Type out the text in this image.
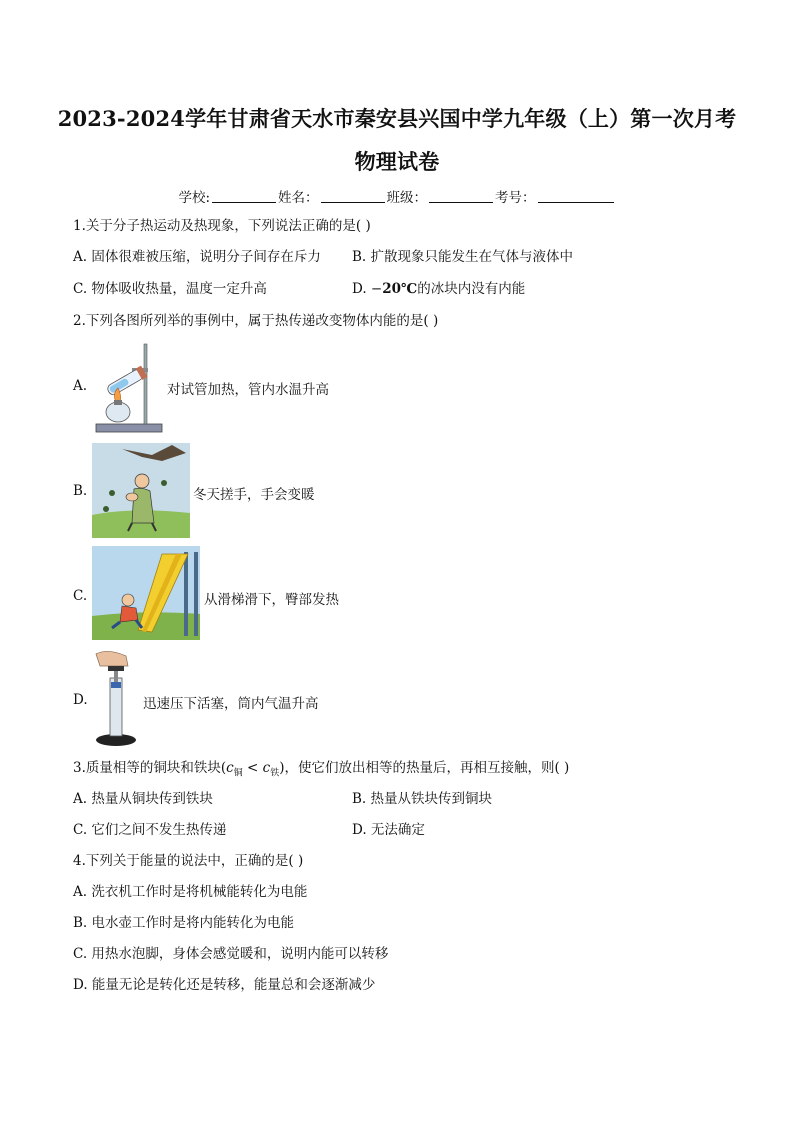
2023-2024学年甘肃省天水市秦安县兴国中学九年级（上）第一次月考
物理试卷
学校:	姓名：	班级：	考号：
1.关于分子热运动及热现象，下列说法正确的是( )
A. 固体很难被压缩，说明分子间存在斥力 B. 扩散现象只能发生在气体与液体中
C. 物体吸收热量，温度一定升高	D. −20℃的冰块内没有内能
2.下列各图所列举的事例中，属于热传递改变物体内能的是( )
A.	对试管加热，管内水温升高
B.	冬天搓手，手会变暖
C.	从滑梯滑下，臀部发热
D.	迅速压下活塞，筒内气温升高
3.质量相等的铜块和铁块$(c_铜 < c_铁)$，使它们放出相等的热量后，再相互接触，则( )
A. 热量从铜块传到铁块	B. 热量从铁块传到铜块
C. 它们之间不发生热传递	D. 无法确定
4.下列关于能量的说法中，正确的是( )
A. 洗衣机工作时是将机械能转化为电能
B. 电水壶工作时是将内能转化为电能
C. 用热水泡脚，身体会感觉暖和，说明内能可以转移
D. 能量无论是转化还是转移，能量总和会逐渐减少
